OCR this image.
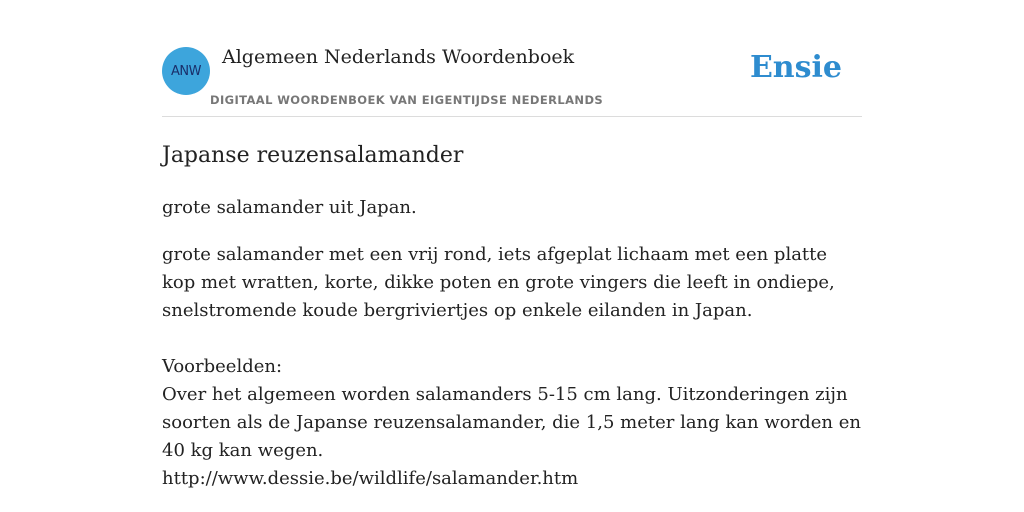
ANW
Algemeen Nederlands Woordenboek
DIGITAAL WOORDENBOEK VAN EIGENTIJDSE NEDERLANDS
Ensie
Japanse reuzensalamander

grote salamander uit Japan.

grote salamander met een vrij rond, iets afgeplat lichaam met een platte kop met wratten, korte, dikke poten en grote vingers die leeft in ondiepe, snelstromende koude bergriviertjes op enkele eilanden in Japan.
Voorbeelden:
Over het algemeen worden salamanders 5-15 cm lang. Uitzonderingen zijn soorten als de Japanse reuzensalamander, die 1,5 meter lang kan worden en 40 kg kan wegen.
http://www.dessie.be/wildlife/salamander.htm
